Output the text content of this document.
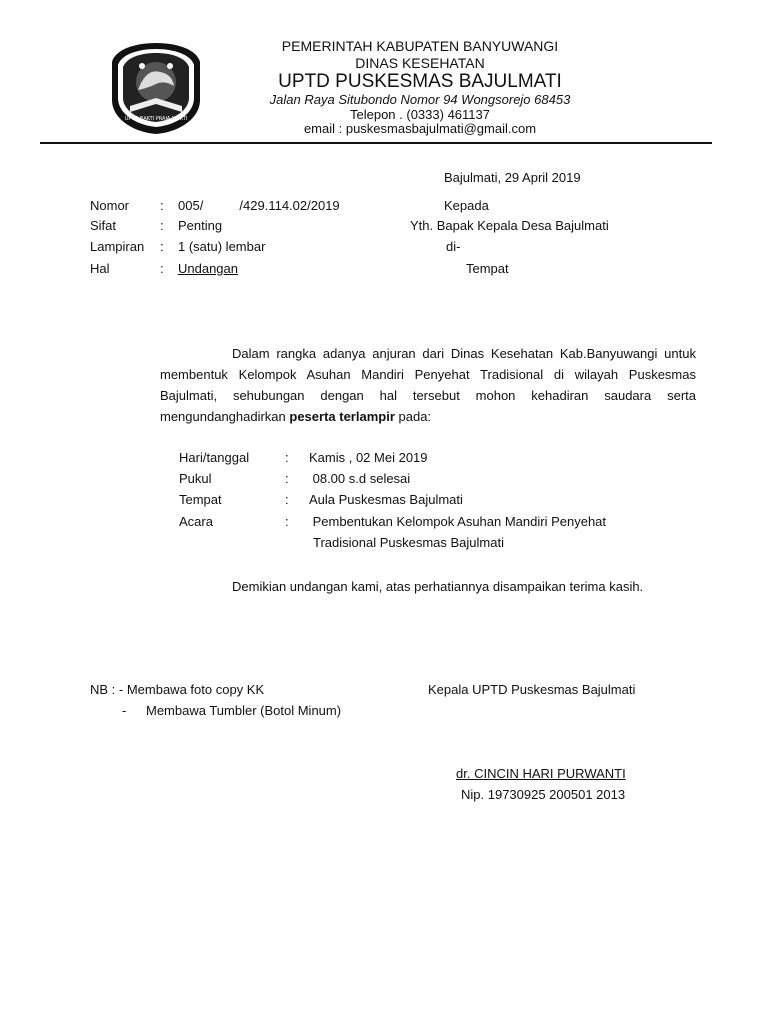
UPTD BAKTI PRAJA MUKTI
PEMERINTAH KABUPATEN BANYUWANGI
DINAS KESEHATAN
UPTD PUSKESMAS BAJULMATI
Jalan Raya Situbondo Nomor 94 Wongsorejo 68453
Telepon . (0333) 461137
email : puskesmasbajulmati@gmail.com
Bajulmati, 29 April 2019
Nomor : 005/          /429.114.02/2019
Sifat	: Penting
Lampiran : 1 (satu) lembar
Hal	: Undangan
Kepada
Yth. Bapak Kepala Desa Bajulmati
di-
Tempat

Dalam rangka adanya anjuran dari Dinas Kesehatan Kab.Banyuwangi untuk membentuk Kelompok Asuhan Mandiri Penyehat Tradisional di wilayah Puskesmas Bajulmati, sehubungan dengan hal tersebut mohon kehadiran saudara serta mengundanghadirkan peserta terlampir pada:

Hari/tanggal	: Kamis , 02 Mei 2019
Pukul	: 08.00 s.d selesai
Tempat	: Aula Puskesmas Bajulmati
Acara	: Pembentukan Kelompok Asuhan Mandiri Penyehat
Tradisional Puskesmas Bajulmati

Demikian undangan kami, atas perhatiannya disampaikan terima kasih.

NB : - Membawa foto copy KK
- Membawa Tumbler (Botol Minum)
Kepala UPTD Puskesmas Bajulmati
dr. CINCIN HARI PURWANTI
Nip. 19730925 200501 2013
